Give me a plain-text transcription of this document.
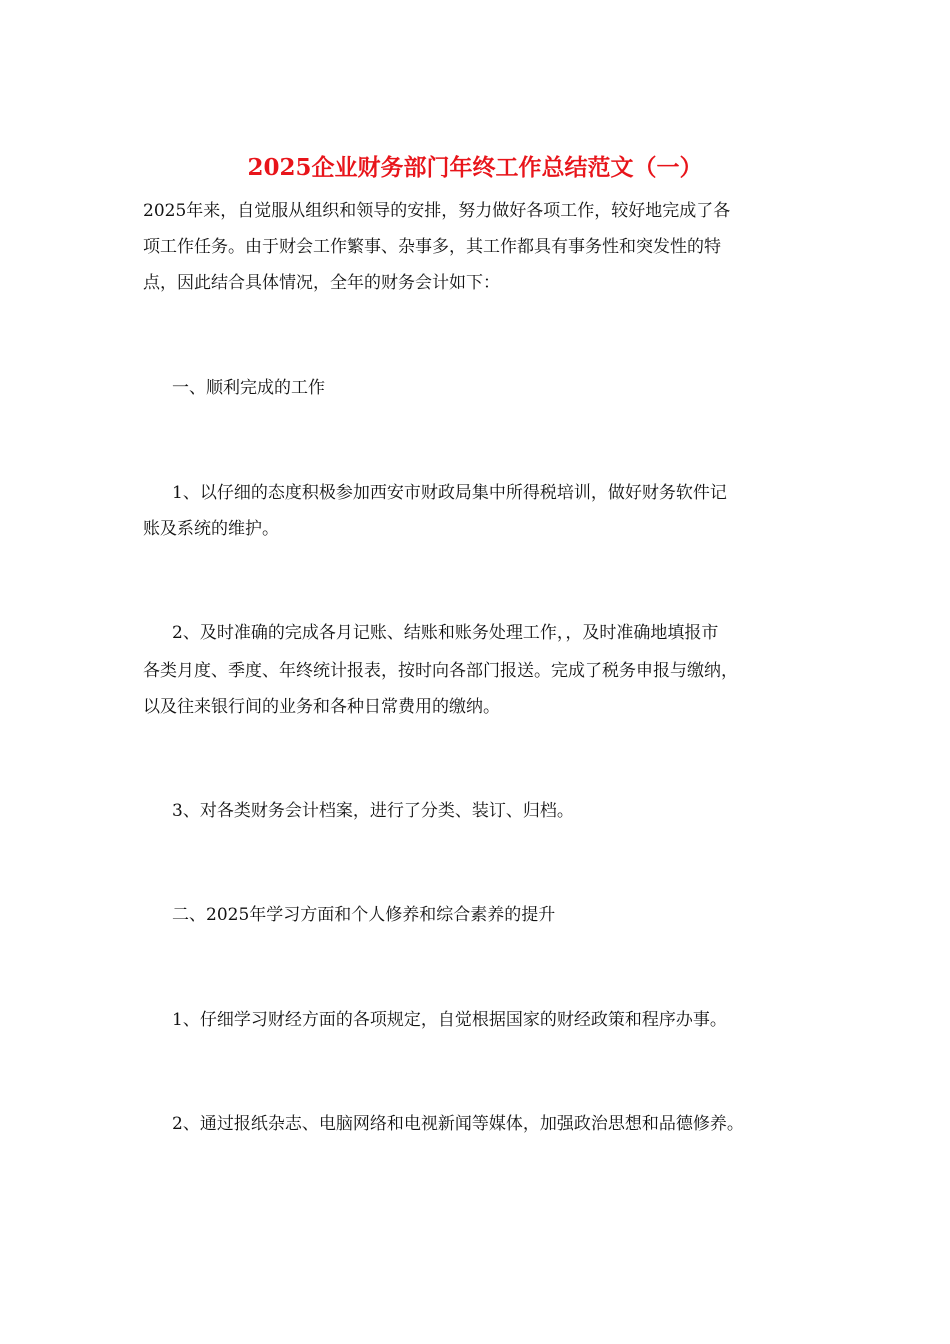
2025企业财务部门年终工作总结范文（一）

2025年来，自觉服从组织和领导的安排，努力做好各项工作，较好地完成了各

项工作任务。由于财会工作繁事、杂事多，其工作都具有事务性和突发性的特

点，因此结合具体情况，全年的财务会计如下：

一、顺利完成的工作

1、以仔细的态度积极参加西安市财政局集中所得税培训，做好财务软件记

账及系统的维护。

2、及时准确的完成各月记账、结账和账务处理工作，，及时准确地填报市

各类月度、季度、年终统计报表，按时向各部门报送。完成了税务申报与缴纳，

以及往来银行间的业务和各种日常费用的缴纳。

3、对各类财务会计档案，进行了分类、装订、归档。

二、2025年学习方面和个人修养和综合素养的提升

1、仔细学习财经方面的各项规定，自觉根据国家的财经政策和程序办事。

2、通过报纸杂志、电脑网络和电视新闻等媒体，加强政治思想和品德修养。
